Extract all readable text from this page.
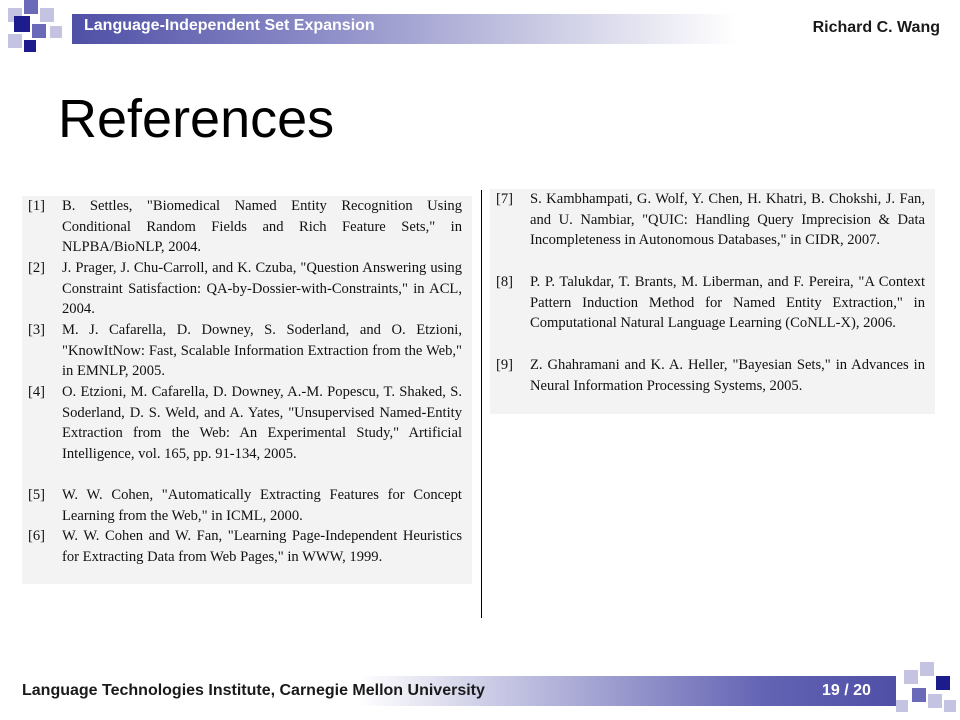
Language-Independent Set Expansion	Richard C. Wang
References
[1]	B. Settles, "Biomedical Named Entity Recognition Using Conditional Random Fields and Rich Feature Sets," in NLPBA/BioNLP, 2004.
[2]	J. Prager, J. Chu-Carroll, and K. Czuba, "Question Answering using Constraint Satisfaction: QA-by-Dossier-with-Constraints," in ACL, 2004.
[3]	M. J. Cafarella, D. Downey, S. Soderland, and O. Etzioni, "KnowItNow: Fast, Scalable Information Extraction from the Web," in EMNLP, 2005.
[4]	O. Etzioni, M. Cafarella, D. Downey, A.-M. Popescu, T. Shaked, S. Soderland, D. S. Weld, and A. Yates, "Unsupervised Named-Entity Extraction from the Web: An Experimental Study," Artificial Intelligence, vol. 165, pp. 91-134, 2005.
[5]	W. W. Cohen, "Automatically Extracting Features for Concept Learning from the Web," in ICML, 2000.
[6]	W. W. Cohen and W. Fan, "Learning Page-Independent Heuristics for Extracting Data from Web Pages," in WWW, 1999.
[7]	S. Kambhampati, G. Wolf, Y. Chen, H. Khatri, B. Chokshi, J. Fan, and U. Nambiar, "QUIC: Handling Query Imprecision & Data Incompleteness in Autonomous Databases," in CIDR, 2007.
[8]	P. P. Talukdar, T. Brants, M. Liberman, and F. Pereira, "A Context Pattern Induction Method for Named Entity Extraction," in Computational Natural Language Learning (CoNLL-X), 2006.
[9]	Z. Ghahramani and K. A. Heller, "Bayesian Sets," in Advances in Neural Information Processing Systems, 2005.
Language Technologies Institute, Carnegie Mellon University	19 / 20
